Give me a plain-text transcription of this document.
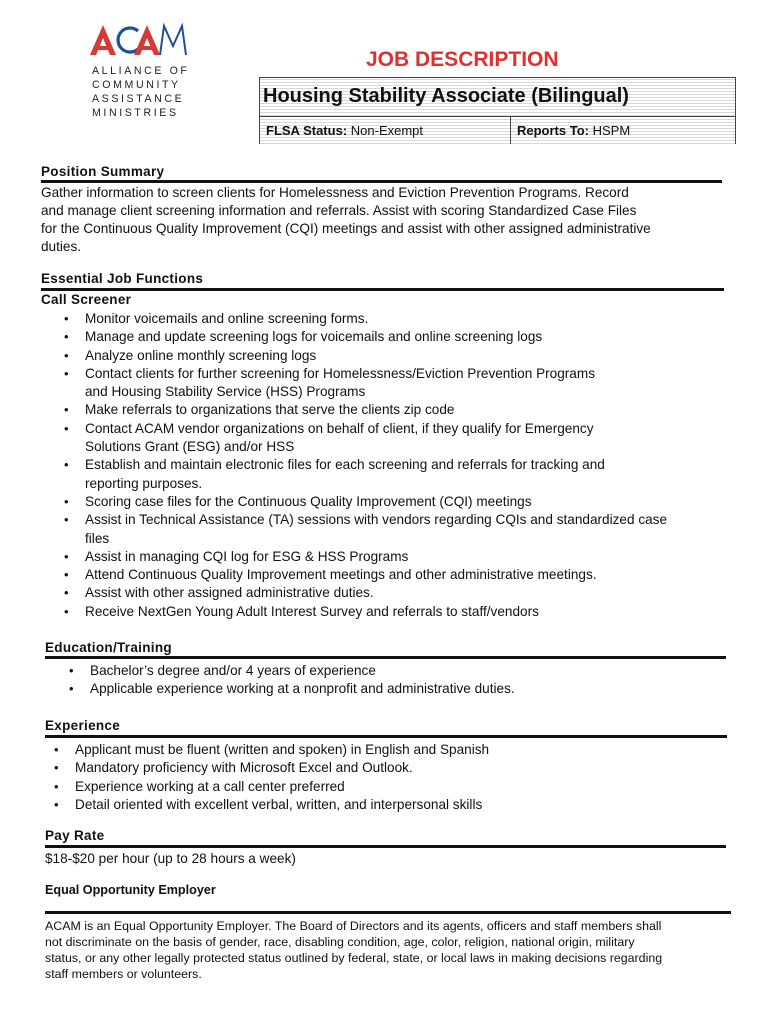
ALLIANCE OF
COMMUNITY
ASSISTANCE
MINISTRIES
JOB DESCRIPTION
Housing Stability Associate (Bilingual)
FLSA Status: Non-Exempt	Reports To: HSPM
Position Summary
Gather information to screen clients for Homelessness and Eviction Prevention Programs. Record
and manage client screening information and referrals. Assist with scoring Standardized Case Files
for the Continuous Quality Improvement (CQI) meetings and assist with other assigned administrative
duties.
Essential Job Functions
Call Screener
• Monitor voicemails and online screening forms.
• Manage and update screening logs for voicemails and online screening logs
• Analyze online monthly screening logs
• Contact clients for further screening for Homelessness/Eviction Prevention Programs
and Housing Stability Service (HSS) Programs
• Make referrals to organizations that serve the clients zip code
• Contact ACAM vendor organizations on behalf of client, if they qualify for Emergency
Solutions Grant (ESG) and/or HSS
• Establish and maintain electronic files for each screening and referrals for tracking and
reporting purposes.
• Scoring case files for the Continuous Quality Improvement (CQI) meetings
• Assist in Technical Assistance (TA) sessions with vendors regarding CQIs and standardized case
files
• Assist in managing CQI log for ESG & HSS Programs
• Attend Continuous Quality Improvement meetings and other administrative meetings.
• Assist with other assigned administrative duties.
• Receive NextGen Young Adult Interest Survey and referrals to staff/vendors
Education/Training
• Bachelor’s degree and/or 4 years of experience
• Applicable experience working at a nonprofit and administrative duties.
Experience
• Applicant must be fluent (written and spoken) in English and Spanish
• Mandatory proficiency with Microsoft Excel and Outlook.
• Experience working at a call center preferred
• Detail oriented with excellent verbal, written, and interpersonal skills
Pay Rate
$18-$20 per hour (up to 28 hours a week)
Equal Opportunity Employer
ACAM is an Equal Opportunity Employer. The Board of Directors and its agents, officers and staff members shall
not discriminate on the basis of gender, race, disabling condition, age, color, religion, national origin, military
status, or any other legally protected status outlined by federal, state, or local laws in making decisions regarding
staff members or volunteers.
